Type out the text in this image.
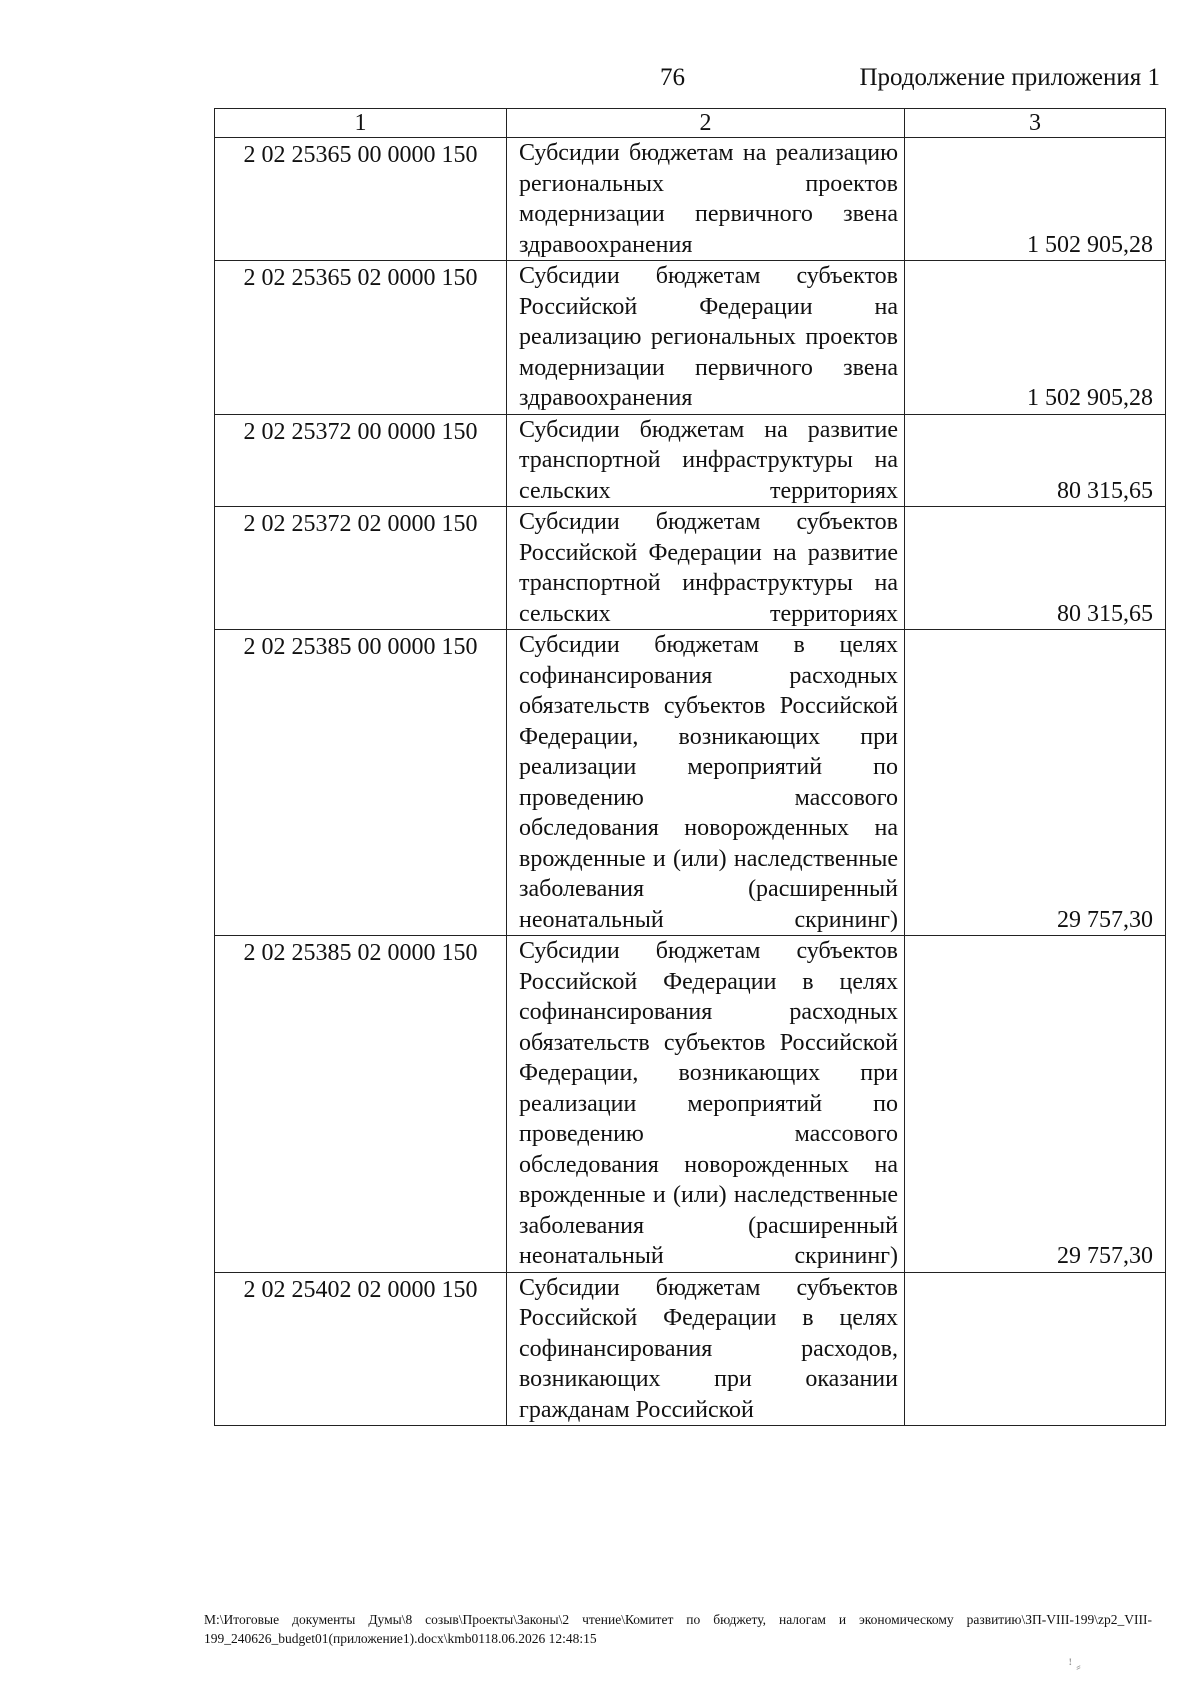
76	Продолжение приложения 1
1	2	3
2 02 25365 00 0000 150	Субсидии бюджетам на реализацию региональных проектов модернизации первичного звена здравоохранения	1 502 905,28
2 02 25365 02 0000 150	Субсидии бюджетам субъектов Российской Федерации на реализацию региональных проектов модернизации первичного звена здравоохранения	1 502 905,28
2 02 25372 00 0000 150	Субсидии бюджетам на развитие транспортной инфраструктуры на сельских территориях	80 315,65
2 02 25372 02 0000 150	Субсидии бюджетам субъектов Российской Федерации на развитие транспортной инфраструктуры на сельских территориях	80 315,65
2 02 25385 00 0000 150	Субсидии бюджетам в целях софинансирования расходных обязательств субъектов Российской Федерации, возникающих при реализации мероприятий по проведению массового обследования новорожденных на врожденные и (или) наследственные заболевания (расширенный неонатальный скрининг)	29 757,30
2 02 25385 02 0000 150	Субсидии бюджетам субъектов Российской Федерации в целях софинансирования расходных обязательств субъектов Российской Федерации, возникающих при реализации мероприятий по проведению массового обследования новорожденных на врожденные и (или) наследственные заболевания (расширенный неонатальный скрининг)	29 757,30
2 02 25402 02 0000 150	Субсидии бюджетам субъектов Российской Федерации в целях софинансирования расходов, возникающих при оказании гражданам Российской	
M:\Итоговые документы Думы\8 созыв\Проекты\Законы\2 чтение\Комитет по бюджету, налогам и экономическому развитию\ЗП-VIII-199\zp2_VIII-199_240626_budget01(приложение1).docx\kmb0118.06.2026 12:48:15
ꜝ ⸗
